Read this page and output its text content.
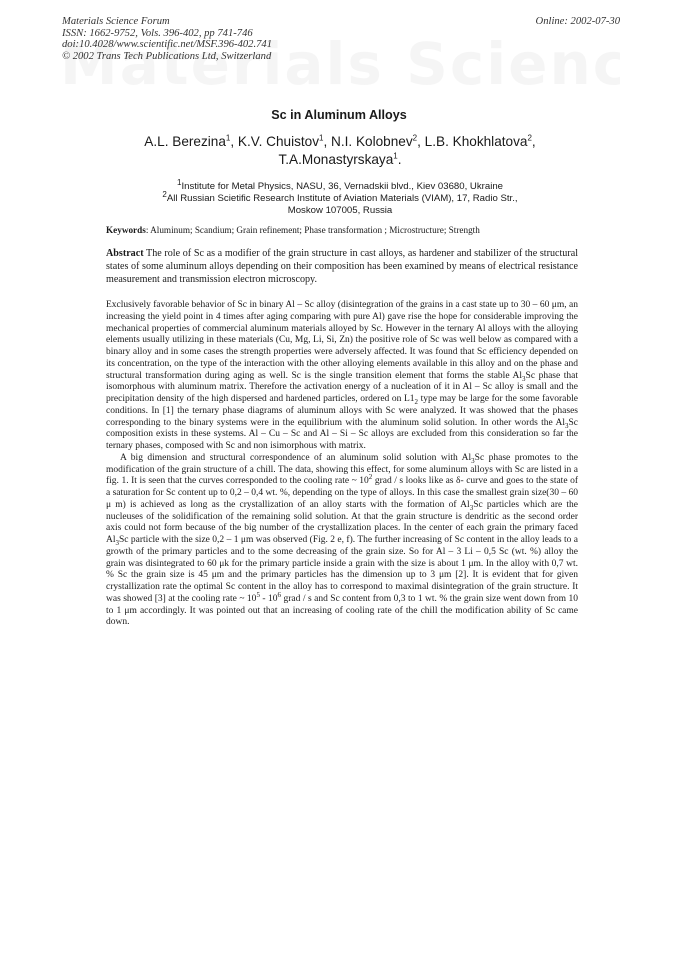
Materials Science Forum
ISSN: 1662-9752, Vols. 396-402, pp 741-746
doi:10.4028/www.scientific.net/MSF.396-402.741
© 2002 Trans Tech Publications Ltd, Switzerland
Online: 2002-07-30
Sc in Aluminum Alloys
A.L. Berezina$^1$, K.V. Chuistov$^1$, N.I. Kolobnev$^2$, L.B. Khokhlatova$^2$,
T.A.Monastyrskaya$^1$.
$^1$Institute for Metal Physics, NASU, 36, Vernadskii blvd., Kiev 03680, Ukraine
$^2$All Russian Scietific Research Institute of Aviation Materials (VIAM), 17, Radio Str.,
Moskow 107005, Russia
Keywords: Aluminum; Scandium; Grain refinement; Phase transformation ; Microstructure; Strength

Abstract The role of Sc as a modifier of the grain structure in cast alloys, as hardener and stabilizer of the structural states of some aluminum alloys depending on their composition has been examined by means of electrical resistance measurement and transmission electron microscopy.

Exclusively favorable behavior of Sc in binary Al – Sc alloy (disintegration of the grains in a cast state up to 30 – 60 μm, an increasing the yield point in 4 times after aging comparing with pure Al) gave rise the hope for considerable improving the mechanical properties of commercial aluminum materials alloyed by Sc. However in the ternary Al alloys with the alloying elements usually utilizing in these materials (Cu, Mg, Li, Si, Zn) the positive role of Sc was well below as compared with a binary alloy and in some cases the strength properties were adversely affected. It was found that Sc efficiency depended on its concentration, on the type of the interaction with the other alloying elements available in this alloy and on the phase and structural transformation during aging as well. Sc is the single transition element that forms the stable $Al_3Sc$ phase that isomorphous with aluminum matrix. Therefore the activation energy of a nucleation of it in Al – Sc alloy is small and the precipitation density of the high dispersed and hardened particles, ordered on $L1_2$ type may be large for the some favorable conditions. In [1] the ternary phase diagrams of aluminum alloys with Sc were analyzed. It was showed that the phases corresponding to the binary systems were in the equilibrium with the aluminum solid solution. In other words the $Al_3Sc$ composition exists in these systems. Al – Cu – Sc and Al – Si – Sc alloys are excluded from this consideration so far the ternary phases, composed with Sc and non isimorphous with matrix.

A big dimension and structural correspondence of an aluminum solid solution with $Al_3Sc$ phase promotes to the modification of the grain structure of a chill. The data, showing this effect, for some aluminum alloys with Sc are listed in a fig. 1. It is seen that the curves corresponded to the cooling rate ~ $10^2$ grad / s looks like as δ- curve and goes to the state of a saturation for Sc content up to 0,2 – 0,4 wt. %, depending on the type of alloys. In this case the smallest grain size(30 – 60 μ m) is achieved as long as the crystallization of an alloy starts with the formation of $Al_3Sc$ particles which are the nucleuses of the solidification of the remaining solid solution. At that the grain structure is dendritic as the second order axis could not form because of the big number of the crystallization places. In the center of each grain the primary faced $Al_3Sc$ particle with the size 0,2 – 1 μm was observed (Fig. 2 e, f). The further increasing of Sc content in the alloy leads to a growth of the primary particles and to the some decreasing of the grain size. So for Al – 3 Li – 0,5 Sc (wt. %) alloy the grain was disintegrated to 60 μk for the primary particle inside a grain with the size is about 1 μm. In the alloy with 0,7 wt. % Sc the grain size is 45 μm and the primary particles has the dimension up to 3 μm [2]. It is evident that for given crystallization rate the optimal Sc content in the alloy has to correspond to maximal disintegration of the grain structure. It was showed [3] at the cooling rate ~ $10^5 - 10^6$ grad / s and Sc content from 0,3 to 1 wt. % the grain size went down from 10 to 1 μm accordingly. It was pointed out that an increasing of cooling rate of the chill the modification ability of Sc came down.
